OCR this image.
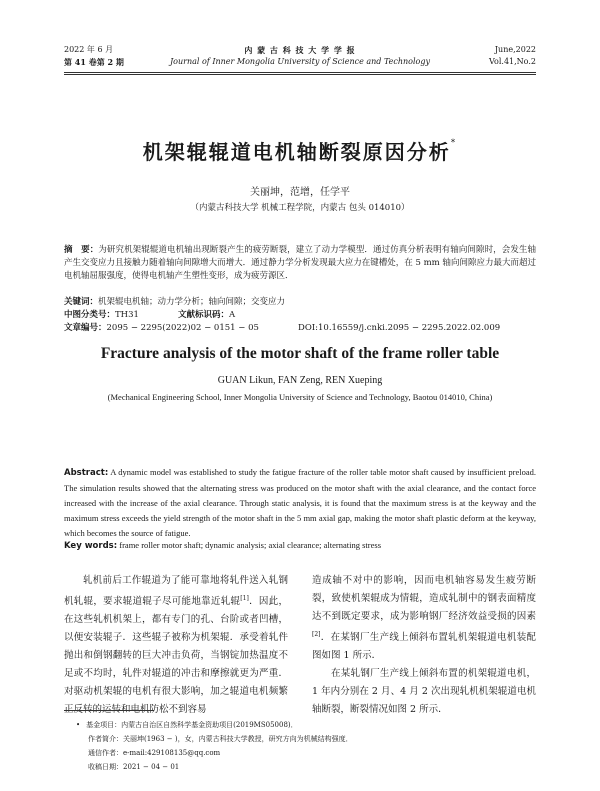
2022 年 6 月
第 41 卷第 2 期
内 蒙 古 科 技 大 学 学 报
Journal of Inner Mongolia University of Science and Technology
June,2022
Vol.41,No.2
机架辊辊道电机轴断裂原因分析*
关丽坤，范增，任学平
（内蒙古科技大学 机械工程学院，内蒙古 包头 014010）
摘　要：为研究机架辊辊道电机轴出现断裂产生的疲劳断裂，建立了动力学模型．通过仿真分析表明有轴向间隙时，会发生轴产生交变应力且接触力随着轴向间隙增大而增大．通过静力学分析发现最大应力在键槽处，在 5 mm 轴向间隙应力最大而超过电机轴屈服强度，使得电机轴产生塑性变形，成为疲劳源区．
关键词：机架辊电机轴；动力学分析；轴向间隙；交变应力
中图分类号：TH31	文献标识码：A
文章编号：2095 − 2295(2022)02 − 0151 − 05	DOI:10.16559/j.cnki.2095 − 2295.2022.02.009
Fracture analysis of the motor shaft of the frame roller table
GUAN Likun, FAN Zeng, REN Xueping
(Mechanical Engineering School, Inner Mongolia University of Science and Technology, Baotou 014010, China)
Abstract: A dynamic model was established to study the fatigue fracture of the roller table motor shaft caused by insufficient preload. The simulation results showed that the alternating stress was produced on the motor shaft with the axial clearance, and the contact force increased with the increase of the axial clearance. Through static analysis, it is found that the maximum stress is at the keyway and the maximum stress exceeds the yield strength of the motor shaft in the 5 mm axial gap, making the motor shaft plastic deform at the keyway, which becomes the source of fatigue.
Key words: frame roller motor shaft; dynamic analysis; axial clearance; alternating stress
轧机前后工作辊道为了能可靠地将轧件送入轧钢机轧辊，要求辊道辊子尽可能地靠近轧辊[1]．因此，在这些轧机机架上，都有专门的孔、台阶或者凹槽，以便安装辊子．这些辊子被称为机架辊．承受着轧件抛出和倒钢翻转的巨大冲击负荷，当钢锭加热温度不足或不均时，轧件对辊道的冲击和摩擦就更为严重．对驱动机架辊的电机有很大影响，加之辊道电机频繁正反转的运转和电机防松不到容易
造成轴不对中的影响，因而电机轴容易发生疲劳断裂，致使机架辊成为情辊，造成轧制中的钢表面精度达不到既定要求，成为影响钢厂经济效益受损的因素[2]．在某钢厂生产线上倾斜布置轧机架辊道电机装配图如图 1 所示．
在某轧钢厂生产线上倾斜布置的机架辊道电机，1 年内分别在 2 月、4 月 2 次出现轧机机架辊道电机轴断裂，断裂情况如图 2 所示．
• 基金项目：内蒙古自治区自然科学基金资助项目(2019MS05008)．
作者简介：关丽坤(1963 − )，女，内蒙古科技大学教授，研究方向为机械结构强度．
通信作者：e-mail:429108135@qq.com
收稿日期：2021 − 04 − 01
